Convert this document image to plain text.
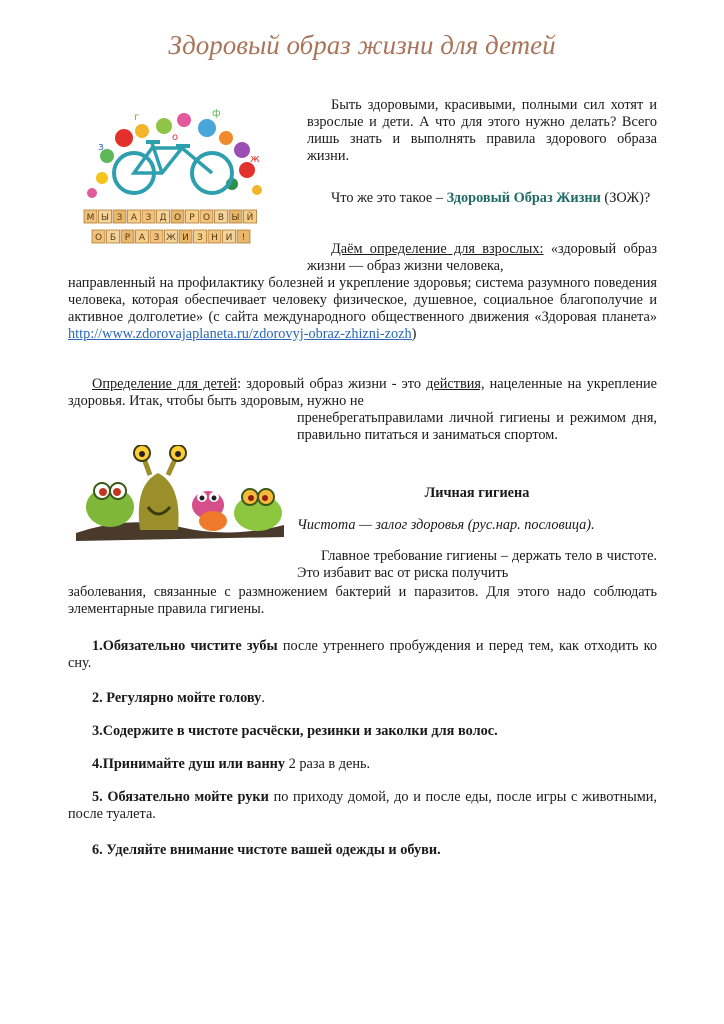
Здоровый образ жизни для детей
з
о
ж
г	ф
М Ы З А З Д О Р О В Ы Й
О Б Р А З Ж И З Н И !
Быть здоровыми, красивыми, полными сил хотят и взрослые и дети. А что для этого нужно делать? Всего лишь знать и выполнять правила здорового образа жизни.
Что же это такое – Здоровый Образ Жизни (ЗОЖ)?
Даём определение для взрослых: «здоровый образ жизни — образ жизни человека,
направленный на профилактику болезней и укрепление здоровья; система разумного поведения человека, которая обеспечивает человеку физическое, душевное, социальное благополучие и активное долголетие» (с сайта международного общественного движения «Здоровая планета» http://www.zdorovajaplaneta.ru/zdorovyj-obraz-zhizni-zozh)
Определение для детей: здоровый образ жизни - это действия, нацеленные на укрепление здоровья. Итак, чтобы быть здоровым, нужно не
пренебрегатьправилами личной гигиены и режимом дня, правильно питаться и заниматься спортом.
Личная гигиена
Чистота — залог здоровья (рус.нар. пословица).
Главное требование гигиены – держать тело в чистоте. Это избавит вас от риска получить
заболевания, связанные с размножением бактерий и паразитов. Для этого надо соблюдать элементарные правила гигиены.
1.Обязательно чистите зубы после утреннего пробуждения и перед тем, как отходить ко сну.
2. Регулярно мойте голову.
3.Содержите в чистоте расчёски, резинки и заколки для волос.
4.Принимайте душ или ванну 2 раза в день.
5. Обязательно мойте руки по приходу домой, до и после еды, после игры с животными, после туалета.
6. Уделяйте внимание чистоте вашей одежды и обуви.
